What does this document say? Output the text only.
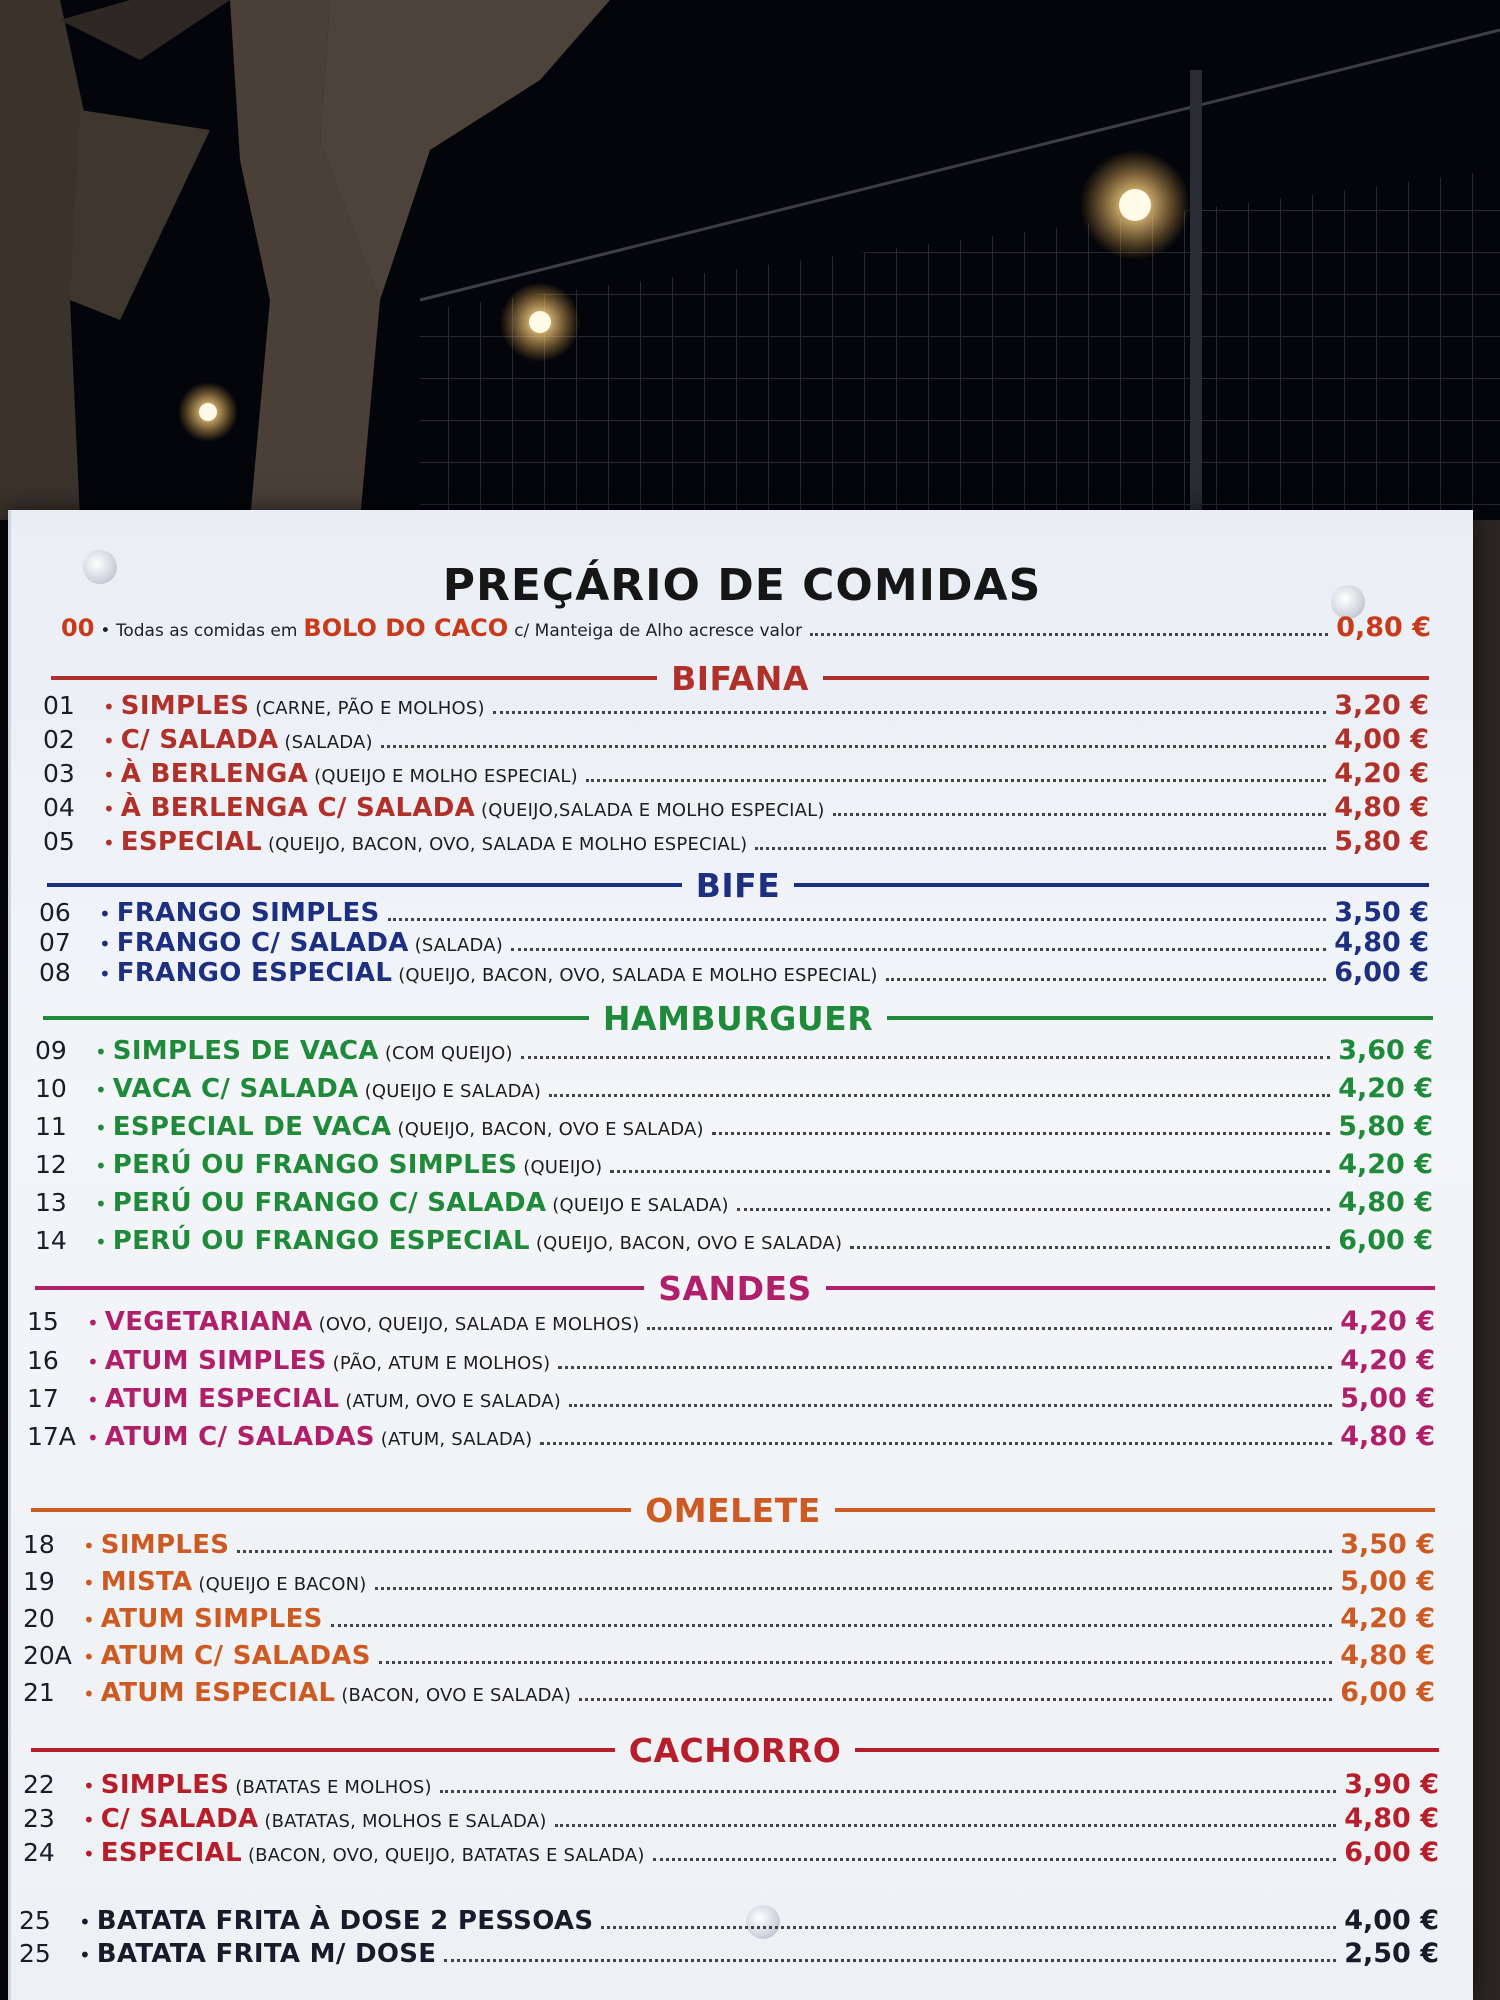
PREÇÁRIO DE COMIDAS
00 • Todas as comidas em BOLO DO CACO c/ Manteiga de Alho acresce valor	0,80 €
BIFANA
01	• SIMPLES (CARNE, PÃO E MOLHOS)	3,20 €
02	• C/ SALADA (SALADA)	4,00 €
03	• À BERLENGA (QUEIJO E MOLHO ESPECIAL)	4,20 €
04	• À BERLENGA C/ SALADA (QUEIJO,SALADA E MOLHO ESPECIAL)	4,80 €
05	• ESPECIAL (QUEIJO, BACON, OVO, SALADA E MOLHO ESPECIAL)	5,80 €
BIFE
06	• FRANGO SIMPLES	3,50 €
07	• FRANGO C/ SALADA (SALADA)	4,80 €
08	• FRANGO ESPECIAL (QUEIJO, BACON, OVO, SALADA E MOLHO ESPECIAL)	6,00 €
HAMBURGUER
09	• SIMPLES DE VACA (COM QUEIJO)	3,60 €
10	• VACA C/ SALADA (QUEIJO E SALADA)	4,20 €
11	• ESPECIAL DE VACA (QUEIJO, BACON, OVO E SALADA)	5,80 €
12	• PERÚ OU FRANGO SIMPLES (QUEIJO)	4,20 €
13	• PERÚ OU FRANGO C/ SALADA (QUEIJO E SALADA)	4,80 €
14	• PERÚ OU FRANGO ESPECIAL (QUEIJO, BACON, OVO E SALADA)	6,00 €
SANDES
15	• VEGETARIANA (OVO, QUEIJO, SALADA E MOLHOS)	4,20 €
16	• ATUM SIMPLES (PÃO, ATUM E MOLHOS)	4,20 €
17	• ATUM ESPECIAL (ATUM, OVO E SALADA)	5,00 €
17A • ATUM C/ SALADAS (ATUM, SALADA)	4,80 €
OMELETE
18	• SIMPLES	3,50 €
19	• MISTA (QUEIJO E BACON)	5,00 €
20	• ATUM SIMPLES	4,20 €
20A • ATUM C/ SALADAS	4,80 €
21	• ATUM ESPECIAL (BACON, OVO E SALADA)	6,00 €
CACHORRO
22	• SIMPLES (BATATAS E MOLHOS)	3,90 €
23	• C/ SALADA (BATATAS, MOLHOS E SALADA)	4,80 €
24	• ESPECIAL (BACON, OVO, QUEIJO, BATATAS E SALADA)	6,00 €
25	• BATATA FRITA À DOSE 2 PESSOAS	4,00 €
25	• BATATA FRITA M/ DOSE	2,50 €
